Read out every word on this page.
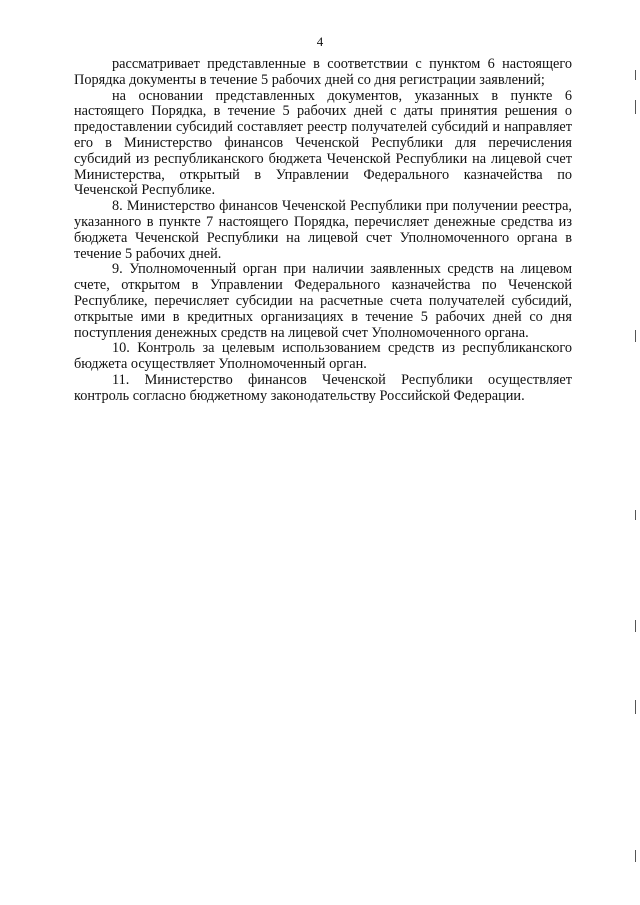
4

рассматривает представленные в соответствии с пунктом 6 настоящего Порядка документы в течение 5 рабочих дней со дня регистрации заявлений;

на основании представленных документов, указанных в пункте 6 настоящего Порядка, в течение 5 рабочих дней с даты принятия решения о предоставлении субсидий составляет реестр получателей субсидий и направляет его в Министерство финансов Чеченской Республики для перечисления субсидий из республиканского бюджета Чеченской Республики на лицевой счет Министерства, открытый в Управлении Федерального казначейства по Чеченской Республике.

8. Министерство финансов Чеченской Республики при получении реестра, указанного в пункте 7 настоящего Порядка, перечисляет денежные средства из бюджета Чеченской Республики на лицевой счет Уполномоченного органа в течение 5 рабочих дней.

9. Уполномоченный орган при наличии заявленных средств на лицевом счете, открытом в Управлении Федерального казначейства по Чеченской Республике, перечисляет субсидии на расчетные счета получателей субсидий, открытые ими в кредитных организациях в течение 5 рабочих дней со дня поступления денежных средств на лицевой счет Уполномоченного органа.

10. Контроль за целевым использованием средств из республиканского бюджета осуществляет Уполномоченный орган.

11. Министерство финансов Чеченской Республики осуществляет контроль согласно бюджетному законодательству Российской Федерации.
